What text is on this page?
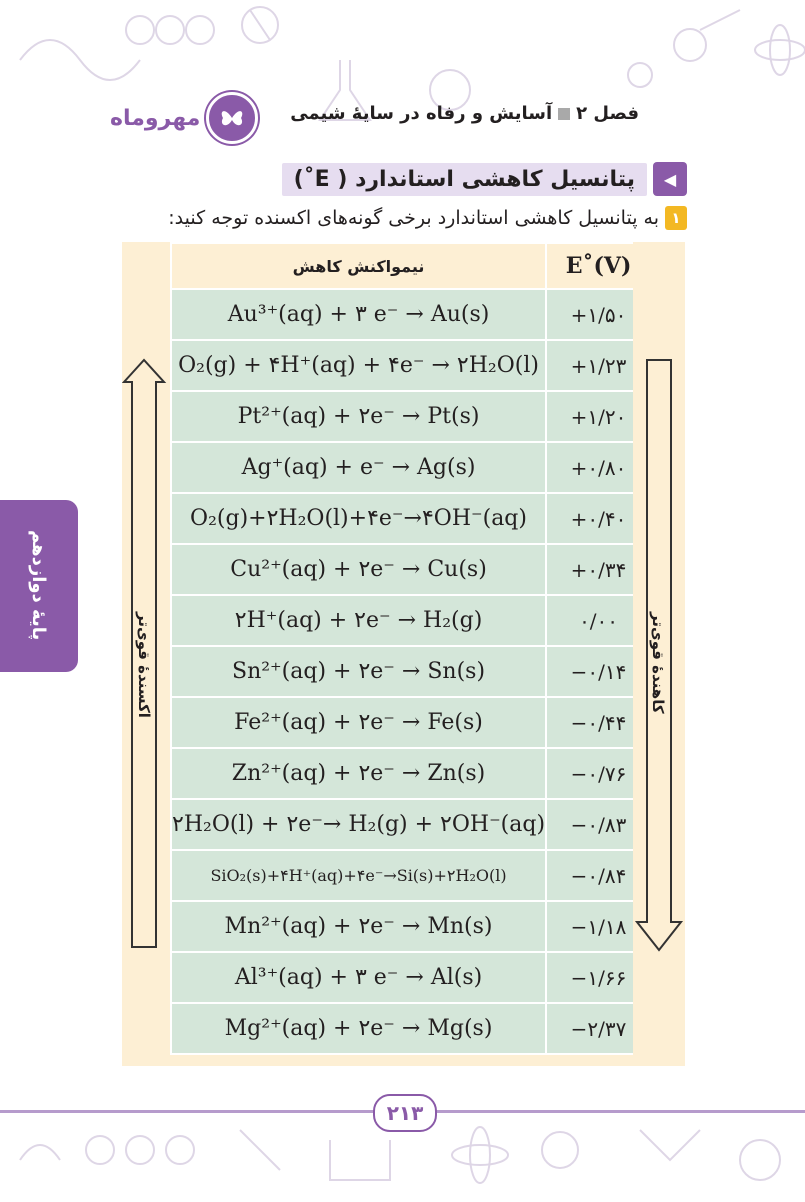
مهروماه	فصل ۲
آسایش و رفاه در سایهٔ شیمی
◀
پتانسیل کاهشی استاندارد ( E˚)
۱
به پتانسیل کاهشی استاندارد برخی گونه‌های اکسنده توجه کنید:
اکسندهٔ قوی‌تر
نیمواکنش کاهش	E˚(V)
Au³⁺(aq) + ۳ e⁻ → Au(s)	+۱/۵۰
O₂(g) + ۴H⁺(aq) + ۴e⁻ → ۲H₂O(l)	+۱/۲۳
Pt²⁺(aq) + ۲e⁻ → Pt(s)	+۱/۲۰
Ag⁺(aq) + e⁻ → Ag(s)	+۰/۸۰
O₂(g)+۲H₂O(l)+۴e⁻→۴OH⁻(aq)	+۰/۴۰
Cu²⁺(aq) + ۲e⁻ → Cu(s)	+۰/۳۴
۲H⁺(aq) + ۲e⁻ → H₂(g)	۰/۰۰
Sn²⁺(aq) + ۲e⁻ → Sn(s)	−۰/۱۴
Fe²⁺(aq) + ۲e⁻ → Fe(s)	−۰/۴۴
Zn²⁺(aq) + ۲e⁻ → Zn(s)	−۰/۷۶
۲H₂O(l) + ۲e⁻→ H₂(g) + ۲OH⁻(aq)	−۰/۸۳
SiO₂(s)+۴H⁺(aq)+۴e⁻→Si(s)+۲H₂O(l)	−۰/۸۴
Mn²⁺(aq) + ۲e⁻ → Mn(s)	−۱/۱۸
Al³⁺(aq) + ۳ e⁻ → Al(s)	−۱/۶۶
Mg²⁺(aq) + ۲e⁻ → Mg(s)	−۲/۳۷
کاهندهٔ قوی‌تر
پایهٔ دوازدهم
۲۱۳
